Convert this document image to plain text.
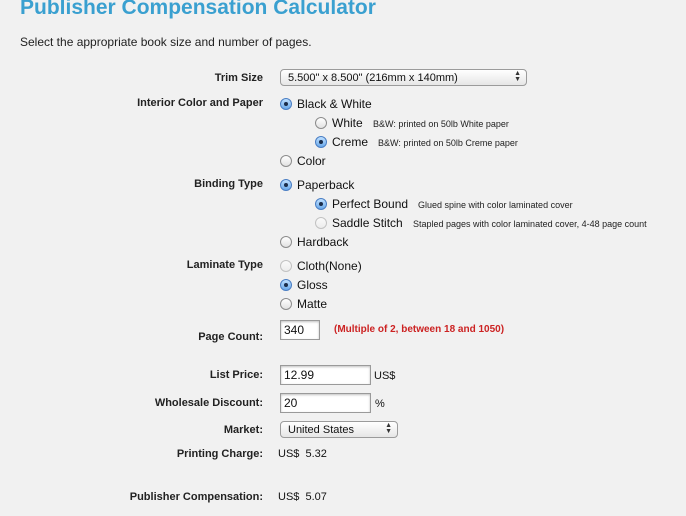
Publisher Compensation Calculator
Select the appropriate book size and number of pages.
Trim Size	5.500" x 8.500" (216mm x 140mm)	▲
▼
Interior Color and Paper	Black & White
White B&W: printed on 50lb White paper
Creme B&W: printed on 50lb Creme paper
Color
Binding Type	Paperback
Perfect Bound Glued spine with color laminated cover
Saddle Stitch Stapled pages with color laminated cover, 4-48 page count
Hardback
Laminate Type	Cloth(None)
Gloss
Matte
Page Count:	340	(Multiple of 2, between 18 and 1050)
List Price:	12.99	US$
Wholesale Discount:	20	%
Market:	United States	▲
▼
Printing Charge: US$  5.32
Publisher Compensation: US$  5.07
